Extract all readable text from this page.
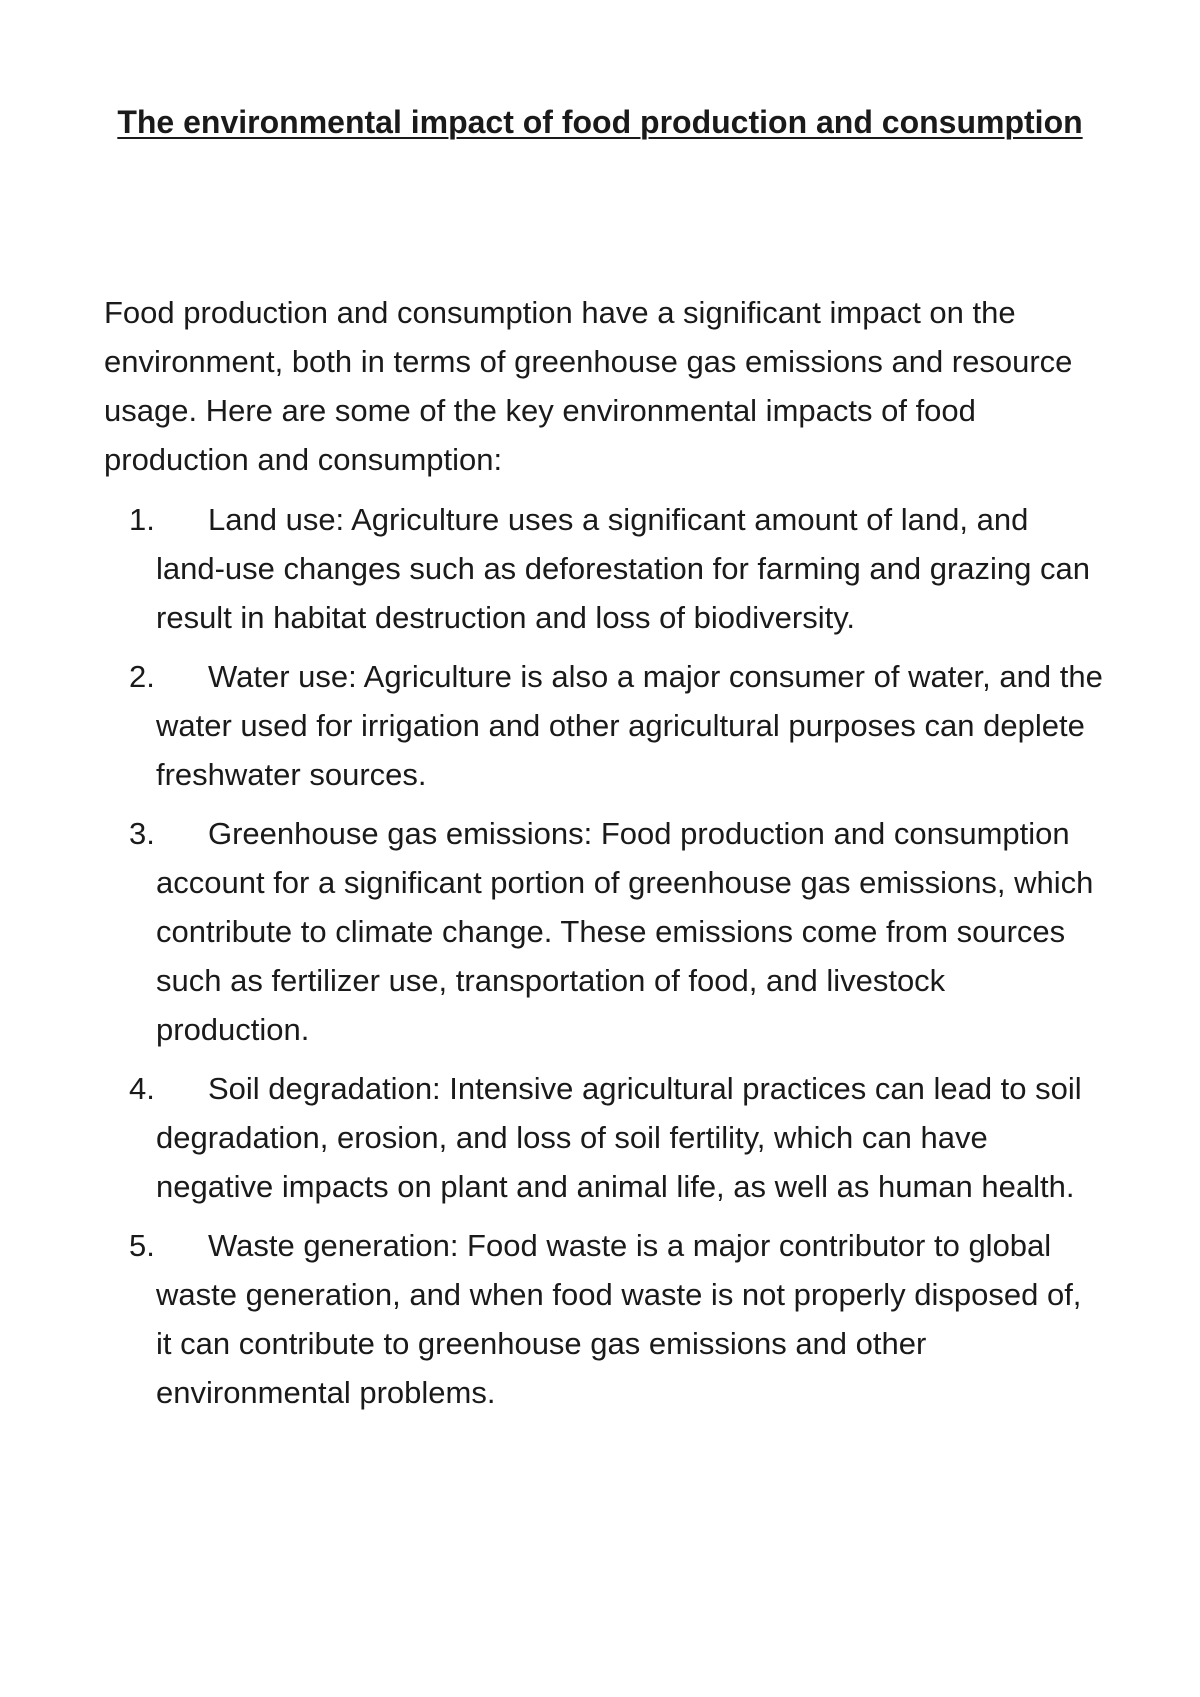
The environmental impact of food production and consumption

Food production and consumption have a significant impact on the environment, both in terms of greenhouse gas emissions and resource usage. Here are some of the key environmental impacts of food production and consumption:

1.	Land use: Agriculture uses a significant amount of land, and land-use changes such as deforestation for farming and grazing can result in habitat destruction and loss of biodiversity.
2.	Water use: Agriculture is also a major consumer of water, and the water used for irrigation and other agricultural purposes can deplete freshwater sources.
3.	Greenhouse gas emissions: Food production and consumption account for a significant portion of greenhouse gas emissions, which contribute to climate change. These emissions come from sources such as fertilizer use, transportation of food, and livestock production.
4.	Soil degradation: Intensive agricultural practices can lead to soil degradation, erosion, and loss of soil fertility, which can have negative impacts on plant and animal life, as well as human health.
5.	Waste generation: Food waste is a major contributor to global waste generation, and when food waste is not properly disposed of, it can contribute to greenhouse gas emissions and other environmental problems.
